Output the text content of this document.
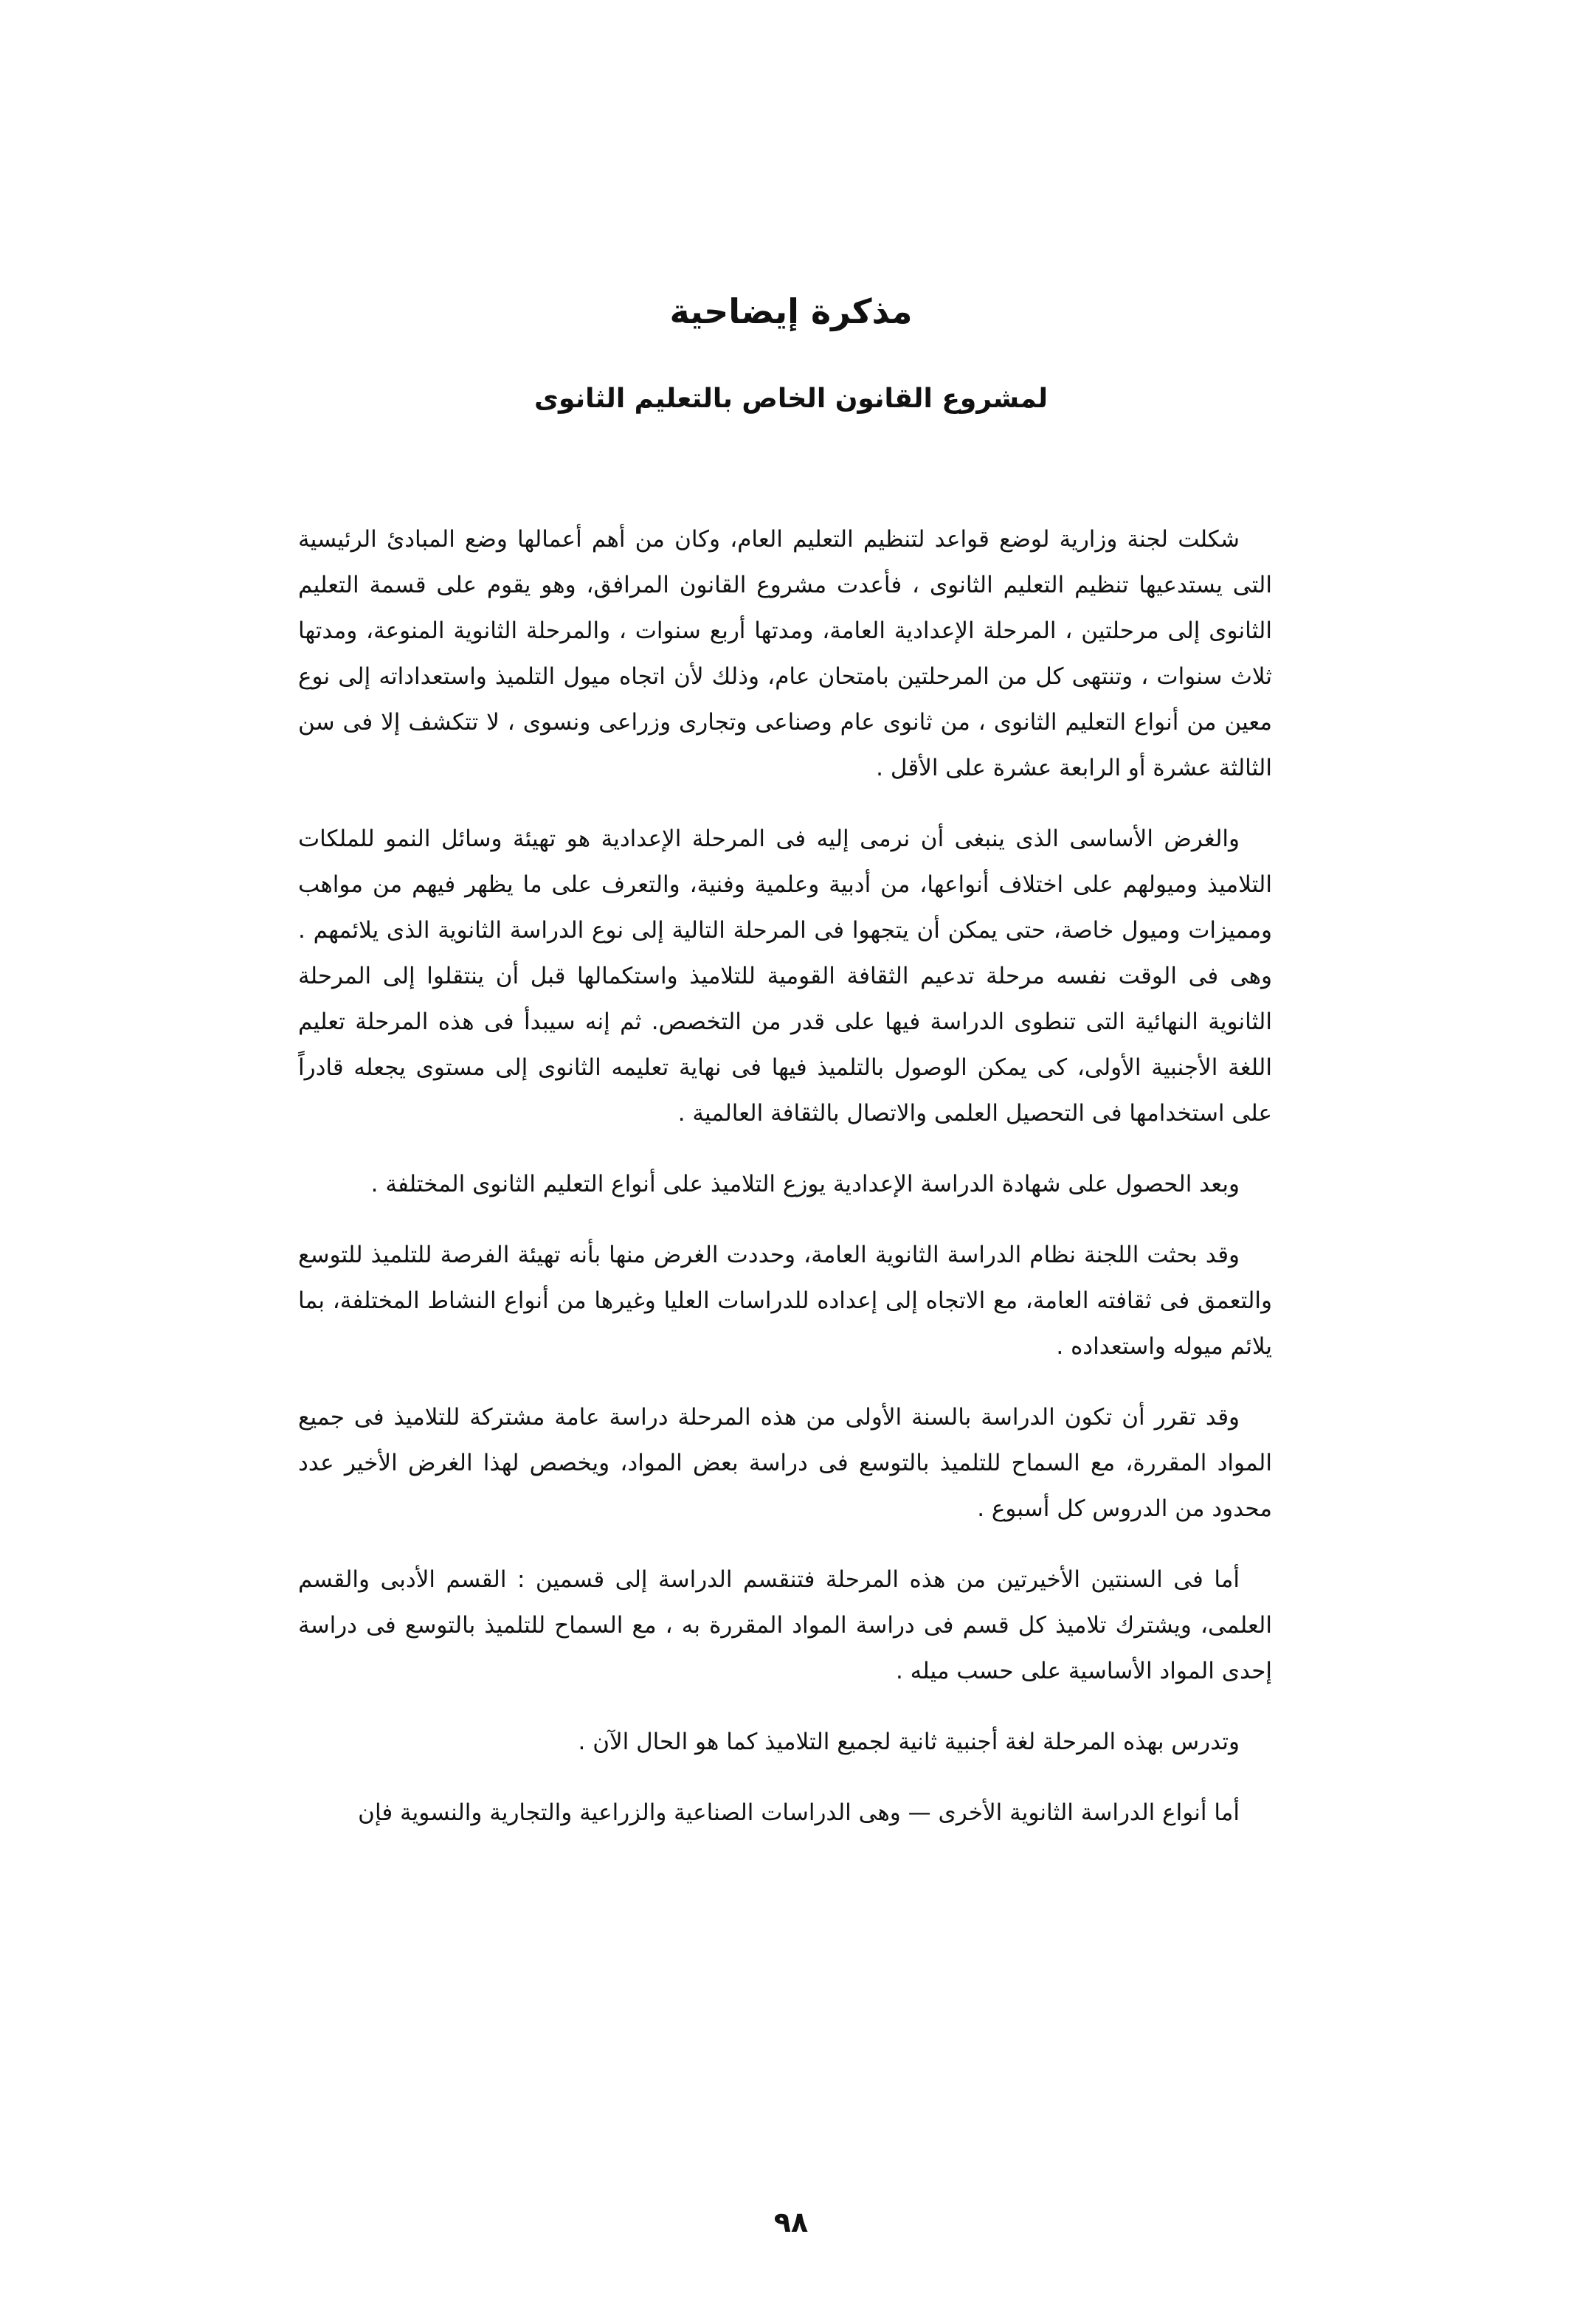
مذكرة إيضاحية
لمشروع القانون الخاص بالتعليم الثانوى

شكلت لجنة وزارية لوضع قواعد لتنظيم التعليم العام، وكان من أهم أعمالها وضع المبادئ الرئيسية التى يستدعيها تنظيم التعليم الثانوى ، فأعدت مشروع القانون المرافق، وهو يقوم على قسمة التعليم الثانوى إلى مرحلتين ، المرحلة الإعدادية العامة، ومدتها أربع سنوات ، والمرحلة الثانوية المنوعة، ومدتها ثلاث سنوات ، وتنتهى كل من المرحلتين بامتحان عام، وذلك لأن اتجاه ميول التلميذ واستعداداته إلى نوع معين من أنواع التعليم الثانوى ، من ثانوى عام وصناعى وتجارى وزراعى ونسوى ، لا تتكشف إلا فى سن الثالثة عشرة أو الرابعة عشرة على الأقل .

والغرض الأساسى الذى ينبغى أن نرمى إليه فى المرحلة الإعدادية هو تهيئة وسائل النمو للملكات التلاميذ وميولهم على اختلاف أنواعها، من أدبية وعلمية وفنية، والتعرف على ما يظهر فيهم من مواهب ومميزات وميول خاصة، حتى يمكن أن يتجهوا فى المرحلة التالية إلى نوع الدراسة الثانوية الذى يلائمهم . وهى فى الوقت نفسه مرحلة تدعيم الثقافة القومية للتلاميذ واستكمالها قبل أن ينتقلوا إلى المرحلة الثانوية النهائية التى تنطوى الدراسة فيها على قدر من التخصص. ثم إنه سيبدأ فى هذه المرحلة تعليم اللغة الأجنبية الأولى، كى يمكن الوصول بالتلميذ فيها فى نهاية تعليمه الثانوى إلى مستوى يجعله قادراً على استخدامها فى التحصيل العلمى والاتصال بالثقافة العالمية .

وبعد الحصول على شهادة الدراسة الإعدادية يوزع التلاميذ على أنواع التعليم الثانوى المختلفة .

وقد بحثت اللجنة نظام الدراسة الثانوية العامة، وحددت الغرض منها بأنه تهيئة الفرصة للتلميذ للتوسع والتعمق فى ثقافته العامة، مع الاتجاه إلى إعداده للدراسات العليا وغيرها من أنواع النشاط المختلفة، بما يلائم ميوله واستعداده .

وقد تقرر أن تكون الدراسة بالسنة الأولى من هذه المرحلة دراسة عامة مشتركة للتلاميذ فى جميع المواد المقررة، مع السماح للتلميذ بالتوسع فى دراسة بعض المواد، ويخصص لهذا الغرض الأخير عدد محدود من الدروس كل أسبوع .

أما فى السنتين الأخيرتين من هذه المرحلة فتنقسم الدراسة إلى قسمين : القسم الأدبى والقسم العلمى، ويشترك تلاميذ كل قسم فى دراسة المواد المقررة به ، مع السماح للتلميذ بالتوسع فى دراسة إحدى المواد الأساسية على حسب ميله .

وتدرس بهذه المرحلة لغة أجنبية ثانية لجميع التلاميذ كما هو الحال الآن .

أما أنواع الدراسة الثانوية الأخرى — وهى الدراسات الصناعية والزراعية والتجارية والنسوية فإن

٩٨
